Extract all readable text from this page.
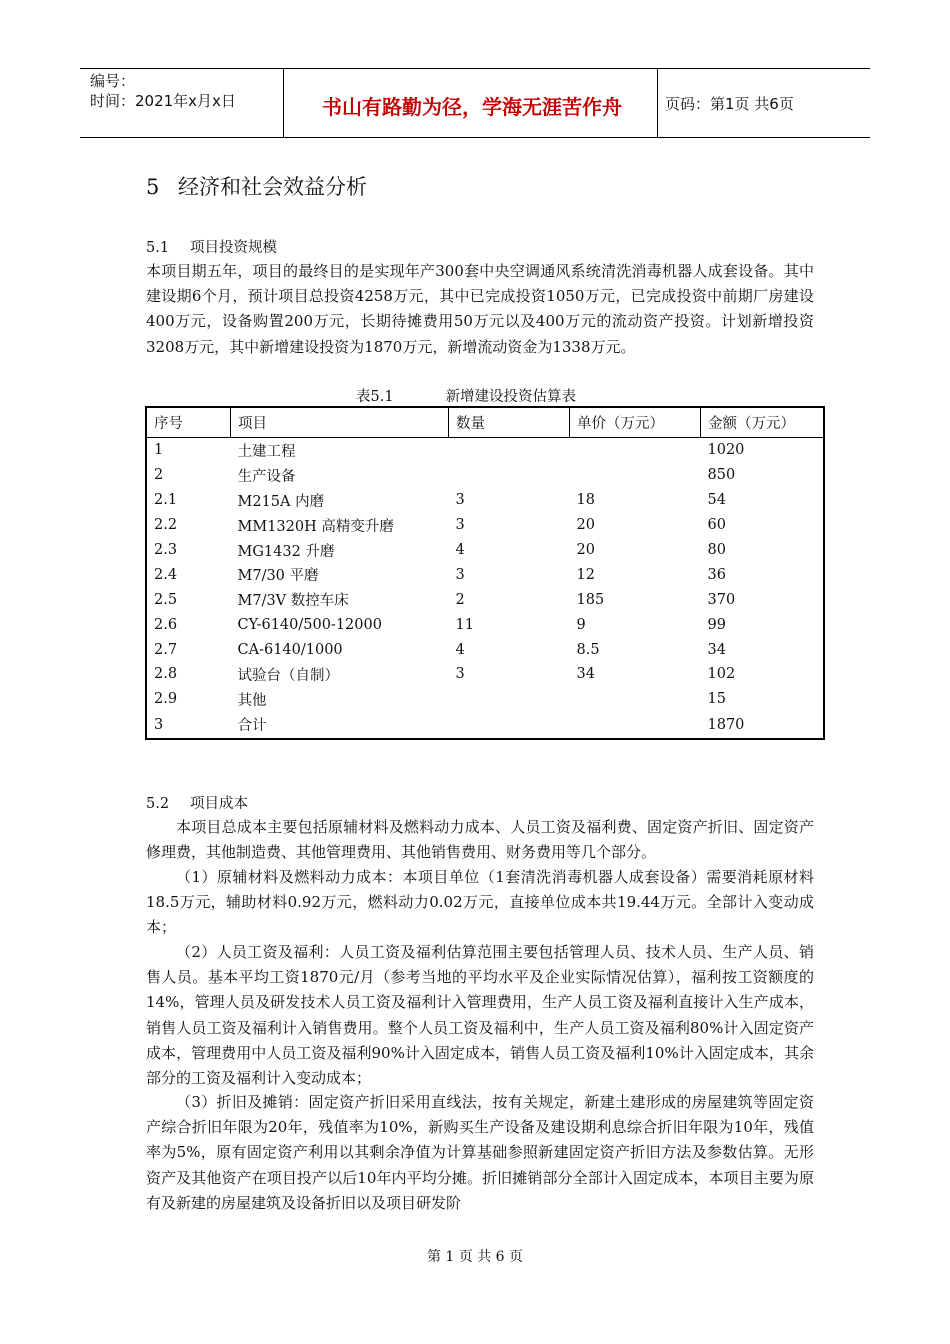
编号：
时间：2021年x月x日	书山有路勤为径，学海无涯苦作舟	页码：第1页 共6页
5 经济和社会效益分析
5.1 项目投资规模

本项目期五年，项目的最终目的是实现年产300套中央空调通风系统清洗消毒机器人成套设备。其中建设期6个月，预计项目总投资4258万元，其中已完成投资1050万元，已完成投资中前期厂房建设400万元，设备购置200万元，长期待摊费用50万元以及400万元的流动资产投资。计划新增投资3208万元，其中新增建设投资为1870万元，新增流动资金为1338万元。

表5.1	新增建设投资估算表
序号	项目	数量	单价（万元）	金额（万元）
1	土建工程			1020
2	生产设备			850
2.1	M215A 内磨	3	18	54
2.2	MM1320H 高精变升磨	3	20	60
2.3	MG1432 升磨	4	20	80
2.4	M7/30 平磨	3	12	36
2.5	M7/3V 数控车床	2	185	370
2.6	CY-6140/500-12000	11	9	99
2.7	CA-6140/1000	4	8.5	34
2.8	试验台（自制）	3	34	102
2.9	其他			15
3	合计			1870
5.2 项目成本

本项目总成本主要包括原辅材料及燃料动力成本、人员工资及福利费、固定资产折旧、固定资产修理费，其他制造费、其他管理费用、其他销售费用、财务费用等几个部分。

（1）原辅材料及燃料动力成本：本项目单位（1套清洗消毒机器人成套设备）需要消耗原材料18.5万元，辅助材料0.92万元，燃料动力0.02万元，直接单位成本共19.44万元。全部计入变动成本；

（2）人员工资及福利：人员工资及福利估算范围主要包括管理人员、技术人员、生产人员、销售人员。基本平均工资1870元/月（参考当地的平均水平及企业实际情况估算），福利按工资额度的14%，管理人员及研发技术人员工资及福利计入管理费用，生产人员工资及福利直接计入生产成本，销售人员工资及福利计入销售费用。整个人员工资及福利中，生产人员工资及福利80%计入固定资产成本，管理费用中人员工资及福利90%计入固定成本，销售人员工资及福利10%计入固定成本，其余部分的工资及福利计入变动成本；

（3）折旧及摊销：固定资产折旧采用直线法，按有关规定，新建土建形成的房屋建筑等固定资产综合折旧年限为20年，残值率为10%，新购买生产设备及建设期利息综合折旧年限为10年，残值率为5%，原有固定资产利用以其剩余净值为计算基础参照新建固定资产折旧方法及参数估算。无形资产及其他资产在项目投产以后10年内平均分摊。折旧摊销部分全部计入固定成本，本项目主要为原有及新建的房屋建筑及设备折旧以及项目研发阶

第 1 页 共 6 页
